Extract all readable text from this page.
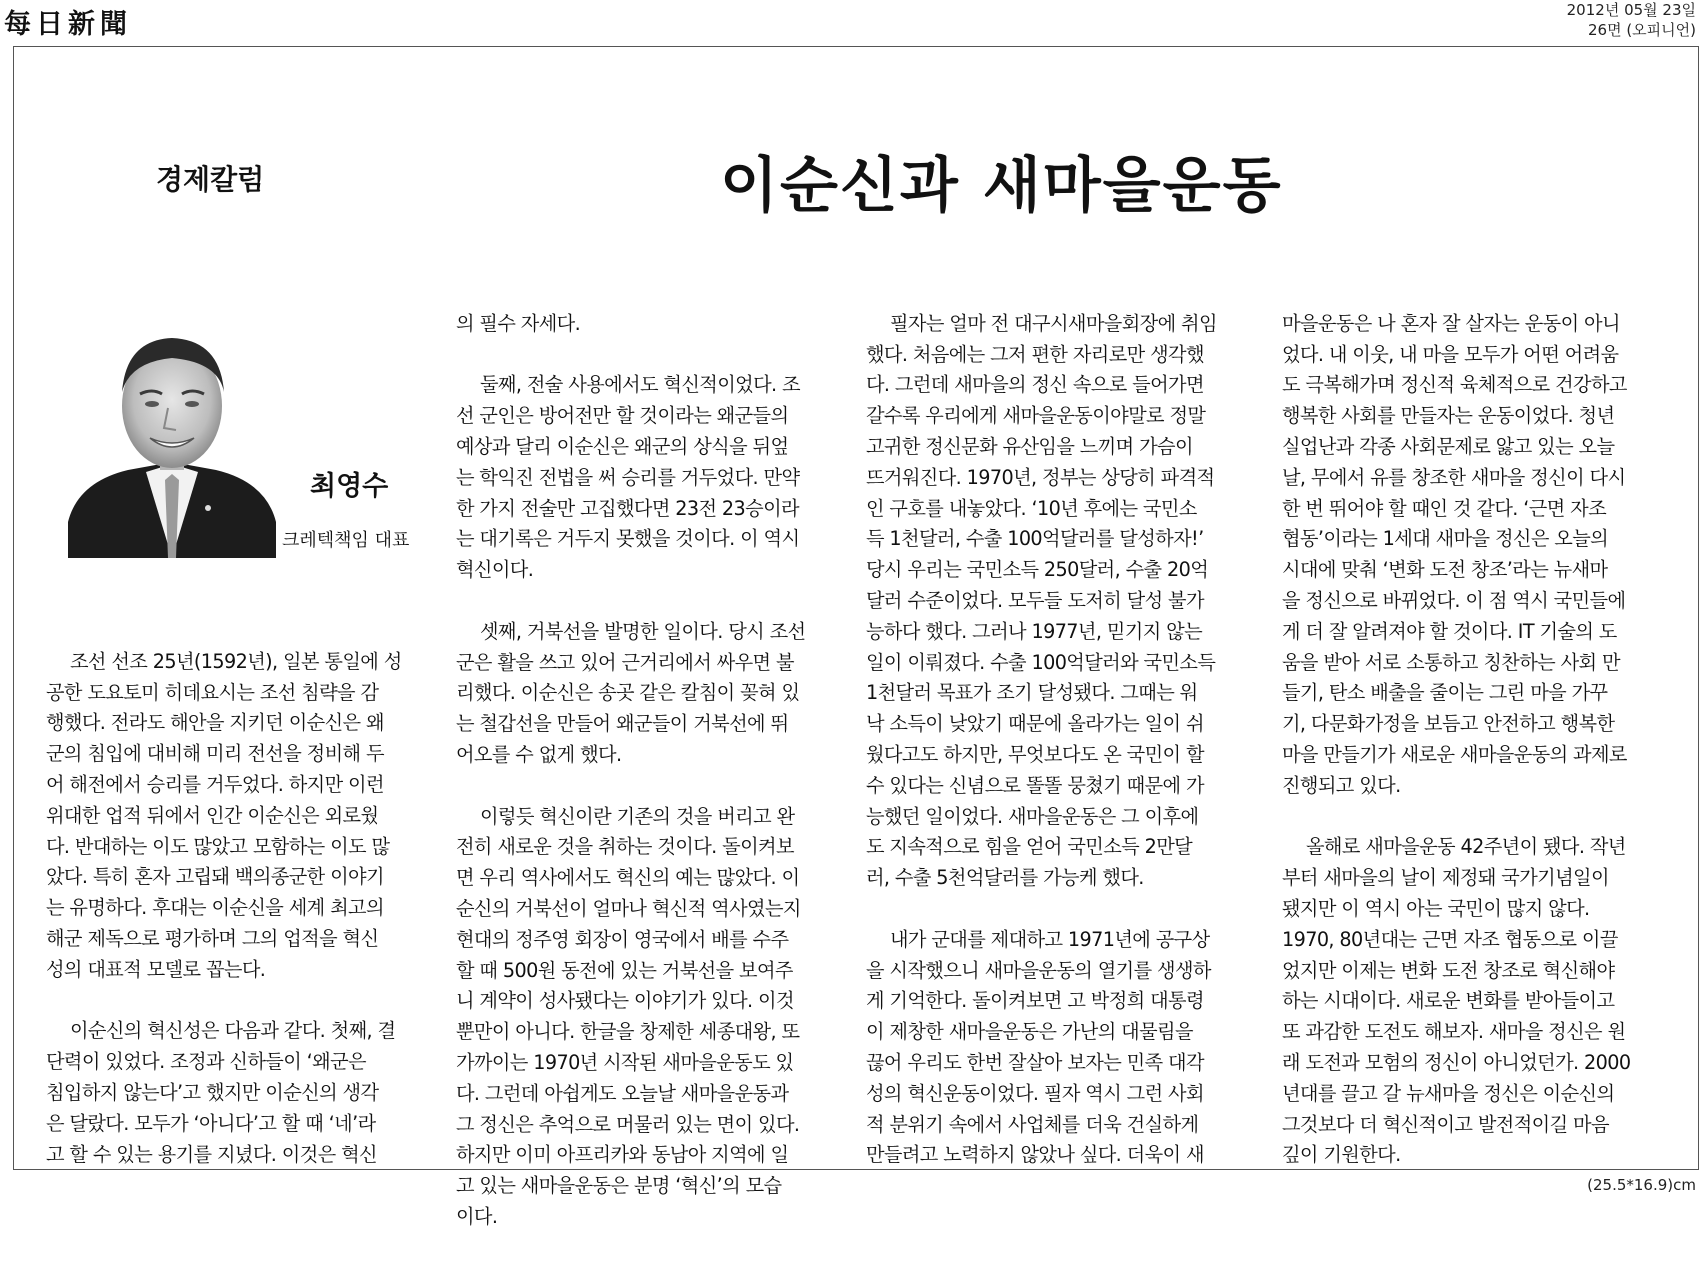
每日新聞	2012년 05월 23일
26면 (오피니언)
경제칼럼	이순신과 새마을운동
최영수
크레텍책임 대표

조선 선조 25년(1592년), 일본 통일에 성
공한 도요토미 히데요시는 조선 침략을 감
행했다. 전라도 해안을 지키던 이순신은 왜
군의 침입에 대비해 미리 전선을 정비해 두
어 해전에서 승리를 거두었다. 하지만 이런
위대한 업적 뒤에서 인간 이순신은 외로웠
다. 반대하는 이도 많았고 모함하는 이도 많
았다. 특히 혼자 고립돼 백의종군한 이야기
는 유명하다. 후대는 이순신을 세계 최고의
해군 제독으로 평가하며 그의 업적을 혁신
성의 대표적 모델로 꼽는다.

이순신의 혁신성은 다음과 같다. 첫째, 결
단력이 있었다. 조정과 신하들이 ‘왜군은
침입하지 않는다’고 했지만 이순신의 생각
은 달랐다. 모두가 ‘아니다’고 할 때 ‘네’라
고 할 수 있는 용기를 지녔다. 이것은 혁신

의 필수 자세다.

둘째, 전술 사용에서도 혁신적이었다. 조
선 군인은 방어전만 할 것이라는 왜군들의
예상과 달리 이순신은 왜군의 상식을 뒤엎
는 학익진 전법을 써 승리를 거두었다. 만약
한 가지 전술만 고집했다면 23전 23승이라
는 대기록은 거두지 못했을 것이다. 이 역시
혁신이다.

셋째, 거북선을 발명한 일이다. 당시 조선
군은 활을 쓰고 있어 근거리에서 싸우면 불
리했다. 이순신은 송곳 같은 칼침이 꽂혀 있
는 철갑선을 만들어 왜군들이 거북선에 뛰
어오를 수 없게 했다.

이렇듯 혁신이란 기존의 것을 버리고 완
전히 새로운 것을 취하는 것이다. 돌이켜보
면 우리 역사에서도 혁신의 예는 많았다. 이
순신의 거북선이 얼마나 혁신적 역사였는지
현대의 정주영 회장이 영국에서 배를 수주
할 때 500원 동전에 있는 거북선을 보여주
니 계약이 성사됐다는 이야기가 있다. 이것
뿐만이 아니다. 한글을 창제한 세종대왕, 또
가까이는 1970년 시작된 새마을운동도 있
다. 그런데 아쉽게도 오늘날 새마을운동과
그 정신은 추억으로 머물러 있는 면이 있다.
하지만 이미 아프리카와 동남아 지역에 일
고 있는 새마을운동은 분명 ‘혁신’의 모습
이다.

필자는 얼마 전 대구시새마을회장에 취임
했다. 처음에는 그저 편한 자리로만 생각했
다. 그런데 새마을의 정신 속으로 들어가면
갈수록 우리에게 새마을운동이야말로 정말
고귀한 정신문화 유산임을 느끼며 가슴이
뜨거워진다. 1970년, 정부는 상당히 파격적
인 구호를 내놓았다. ‘10년 후에는 국민소
득 1천달러, 수출 100억달러를 달성하자!’
당시 우리는 국민소득 250달러, 수출 20억
달러 수준이었다. 모두들 도저히 달성 불가
능하다 했다. 그러나 1977년, 믿기지 않는
일이 이뤄졌다. 수출 100억달러와 국민소득
1천달러 목표가 조기 달성됐다. 그때는 워
낙 소득이 낮았기 때문에 올라가는 일이 쉬
웠다고도 하지만, 무엇보다도 온 국민이 할
수 있다는 신념으로 똘똘 뭉쳤기 때문에 가
능했던 일이었다. 새마을운동은 그 이후에
도 지속적으로 힘을 얻어 국민소득 2만달
러, 수출 5천억달러를 가능케 했다.

내가 군대를 제대하고 1971년에 공구상
을 시작했으니 새마을운동의 열기를 생생하
게 기억한다. 돌이켜보면 고 박정희 대통령
이 제창한 새마을운동은 가난의 대물림을
끊어 우리도 한번 잘살아 보자는 민족 대각
성의 혁신운동이었다. 필자 역시 그런 사회
적 분위기 속에서 사업체를 더욱 건실하게
만들려고 노력하지 않았나 싶다. 더욱이 새

마을운동은 나 혼자 잘 살자는 운동이 아니
었다. 내 이웃, 내 마을 모두가 어떤 어려움
도 극복해가며 정신적 육체적으로 건강하고
행복한 사회를 만들자는 운동이었다. 청년
실업난과 각종 사회문제로 앓고 있는 오늘
날, 무에서 유를 창조한 새마을 정신이 다시
한 번 뛰어야 할 때인 것 같다. ‘근면 자조
협동’이라는 1세대 새마을 정신은 오늘의
시대에 맞춰 ‘변화 도전 창조’라는 뉴새마
을 정신으로 바뀌었다. 이 점 역시 국민들에
게 더 잘 알려져야 할 것이다. IT 기술의 도
움을 받아 서로 소통하고 칭찬하는 사회 만
들기, 탄소 배출을 줄이는 그린 마을 가꾸
기, 다문화가정을 보듬고 안전하고 행복한
마을 만들기가 새로운 새마을운동의 과제로
진행되고 있다.

올해로 새마을운동 42주년이 됐다. 작년
부터 새마을의 날이 제정돼 국가기념일이
됐지만 이 역시 아는 국민이 많지 않다.
1970, 80년대는 근면 자조 협동으로 이끌
었지만 이제는 변화 도전 창조로 혁신해야
하는 시대이다. 새로운 변화를 받아들이고
또 과감한 도전도 해보자. 새마을 정신은 원
래 도전과 모험의 정신이 아니었던가. 2000
년대를 끌고 갈 뉴새마을 정신은 이순신의
그것보다 더 혁신적이고 발전적이길 마음
깊이 기원한다.

(25.5*16.9)cm
